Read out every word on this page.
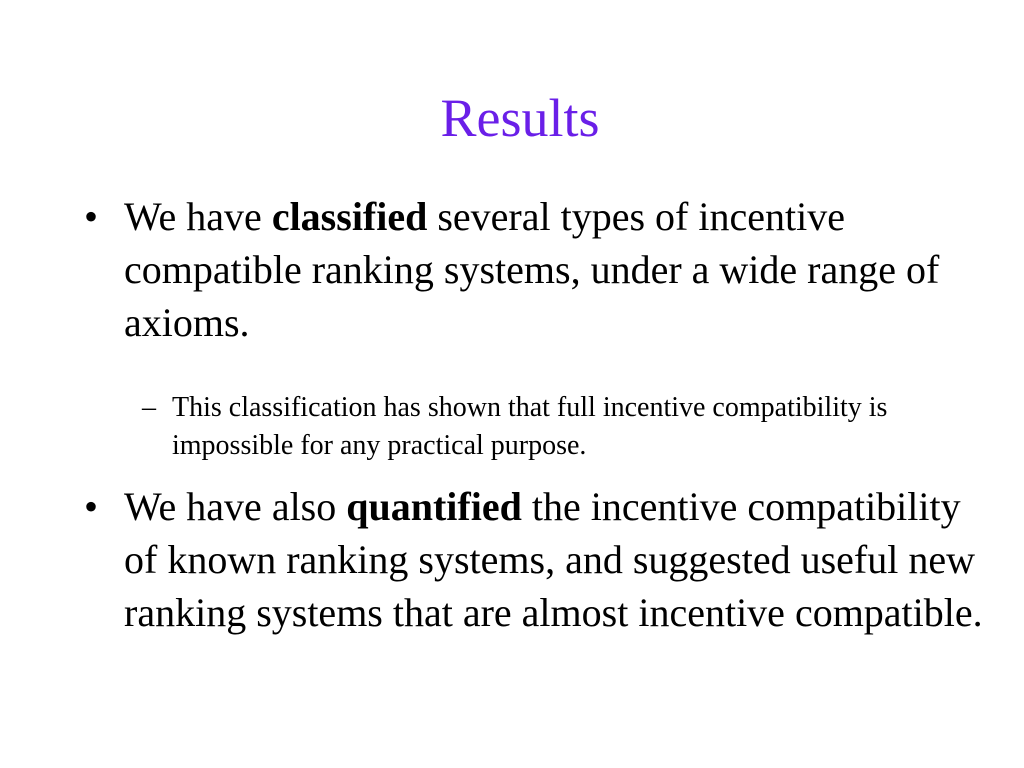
Results
• We have classified several types of incentive compatible ranking systems, under a wide range of axioms.
– This classification has shown that full incentive compatibility is impossible for any practical purpose.
• We have also quantified the incentive compatibility of known ranking systems, and suggested useful new ranking systems that are almost incentive compatible.
